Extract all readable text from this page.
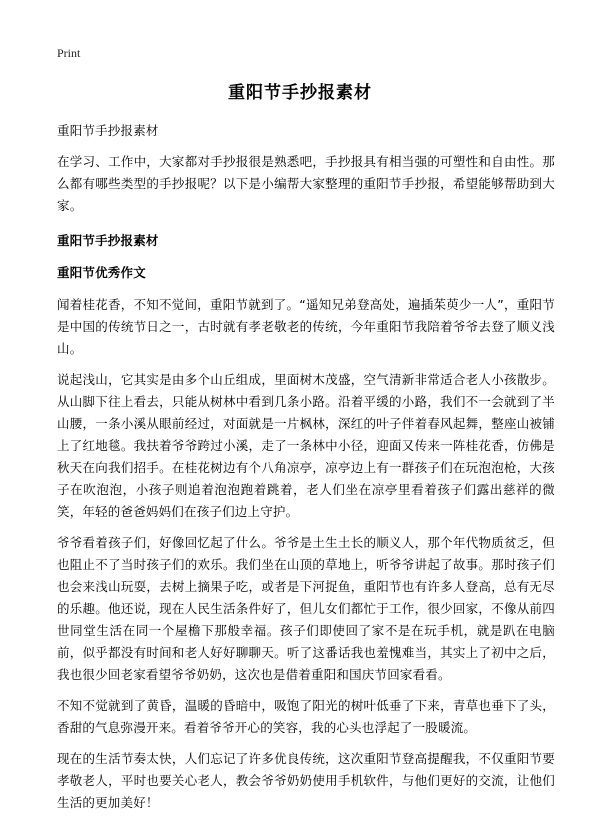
Print
重阳节手抄报素材

重阳节手抄报素材

在学习、工作中，大家都对手抄报很是熟悉吧，手抄报具有相当强的可塑性和自由性。那么都有哪些类型的手抄报呢？以下是小编帮大家整理的重阳节手抄报，希望能够帮助到大家。

重阳节手抄报素材

重阳节优秀作文

闻着桂花香，不知不觉间，重阳节就到了。“遥知兄弟登高处，遍插茱萸少一人”，重阳节是中国的传统节日之一，古时就有孝老敬老的传统，今年重阳节我陪着爷爷去登了顺义浅山。

说起浅山，它其实是由多个山丘组成，里面树木茂盛，空气清新非常适合老人小孩散步。从山脚下往上看去，只能从树林中看到几条小路。沿着平缓的小路，我们不一会就到了半山腰，一条小溪从眼前经过，对面就是一片枫林，深红的叶子伴着春风起舞，整座山被铺上了红地毯。我扶着爷爷跨过小溪，走了一条林中小径，迎面又传来一阵桂花香，仿佛是秋天在向我们招手。在桂花树边有个八角凉亭，凉亭边上有一群孩子们在玩泡泡枪，大孩子在吹泡泡，小孩子则追着泡泡跑着跳着，老人们坐在凉亭里看着孩子们露出慈祥的微笑，年轻的爸爸妈妈们在孩子们边上守护。

爷爷看着孩子们，好像回忆起了什么。爷爷是土生土长的顺义人，那个年代物质贫乏，但也阻止不了当时孩子们的欢乐。我们坐在山顶的草地上，听爷爷讲起了故事。那时孩子们也会来浅山玩耍，去树上摘果子吃，或者是下河捉鱼，重阳节也有许多人登高，总有无尽的乐趣。他还说，现在人民生活条件好了，但儿女们都忙于工作，很少回家，不像从前四世同堂生活在同一个屋檐下那般幸福。孩子们即使回了家不是在玩手机，就是趴在电脑前，似乎都没有时间和老人好好聊聊天。听了这番话我也羞愧难当，其实上了初中之后，我也很少回老家看望爷爷奶奶，这次也是借着重阳和国庆节回家看看。

不知不觉就到了黄昏，温暖的昏暗中，吸饱了阳光的树叶低垂了下来，青草也垂下了头，香甜的气息弥漫开来。看着爷爷开心的笑容，我的心头也浮起了一股暖流。

现在的生活节奏太快，人们忘记了许多优良传统，这次重阳节登高提醒我，不仅重阳节要孝敬老人，平时也要关心老人，教会爷爷奶奶使用手机软件，与他们更好的交流，让他们生活的更加美好！
